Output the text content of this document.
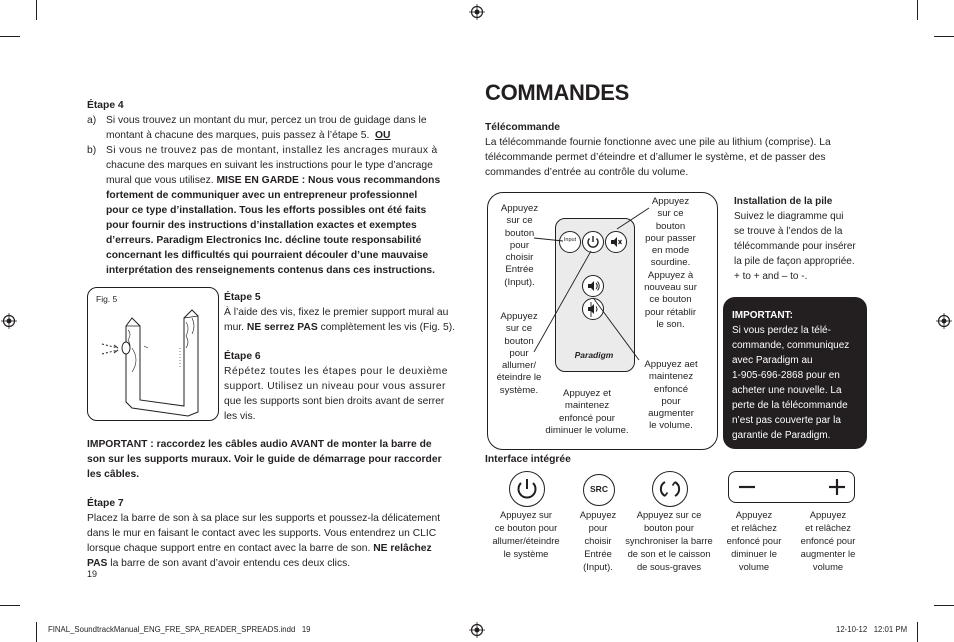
Étape 4
a) Si vous trouvez un montant du mur, percez un trou de guidage dans le
montant à chacune des marques, puis passez à l’étape 5. OU
b) Si vous ne trouvez pas de montant, installez les ancrages muraux à
chacune des marques en suivant les instructions pour le type d’ancrage
mural que vous utilisez. MISE EN GARDE : Nous vous recommandons
fortement de communiquer avec un entrepreneur professionnel
pour ce type d’installation. Tous les efforts possibles ont été faits
pour fournir des instructions d’installation exactes et exemptes
d’erreurs. Paradigm Electronics Inc. décline toute responsabilité
concernant les difficultés qui pourraient découler d’une mauvaise
interprétation des renseignements contenus dans ces instructions.
Fig. 5	Étape 5
À l’aide des vis, fixez le premier support mural au
mur. NE serrez PAS complètement les vis (Fig. 5).
Étape 6
Répétez toutes les étapes pour le deuxième
support. Utilisez un niveau pour vous assurer
que les supports sont bien droits avant de serrer
les vis.
IMPORTANT : raccordez les câbles audio AVANT de monter la barre de
son sur les supports muraux. Voir le guide de démarrage pour raccorder
les câbles.
Étape 7
Placez la barre de son à sa place sur les supports et poussez-la délicatement
dans le mur en faisant le contact avec les supports. Vous entendrez un CLIC
lorsque chaque support entre en contact avec la barre de son. NE relâchez
PAS la barre de son avant d’avoir entendu ces deux clics.
19
COMMANDES
Télécommande
La télécommande fournie fonctionne avec une pile au lithium (comprise). La
télécommande permet d’éteindre et d’allumer le système, et de passer des
commandes d’entrée au contrôle du volume.
Input
Paradigm
Appuyez
sur ce
bouton
pour
choisir
Entrée
(Input).
Appuyez
sur ce
bouton
pour
allumer/
éteindre le
système.
Appuyez
sur ce
bouton
pour passer
en mode
sourdine.
Appuyez à
nouveau sur
ce bouton
pour rétablir
le son.
Appuyez aet
maintenez
enfoncé
pour
augmenter
le volume.
Appuyez et
maintenez
enfoncé pour
diminuer le volume.
Installation de la pile
Suivez le diagramme qui
se trouve à l’endos de la
télécommande pour insérer
la pile de façon appropriée.
+ to + and – to -.
IMPORTANT:
Si vous perdez la télé-
commande, communiquez
avec Paradigm au
1-905-696-2868 pour en
acheter une nouvelle. La
perte de la télécommande
n’est pas couverte par la
garantie de Paradigm.
Interface intégrée
SRC
Appuyez sur
ce bouton pour
allumer/éteindre
le système
Appuyez
pour
choisir
Entrée
(Input).
Appuyez sur ce
bouton pour
synchroniser la barre
de son et le caisson
de sous-graves
Appuyez
et relâchez
enfoncé pour
diminuer le
volume
Appuyez
et relâchez
enfoncé pour
augmenter le
volume
FINAL_SoundtrackManual_ENG_FRE_SPA_READER_SPREADS.indd 19	12-10-12 12:01 PM
